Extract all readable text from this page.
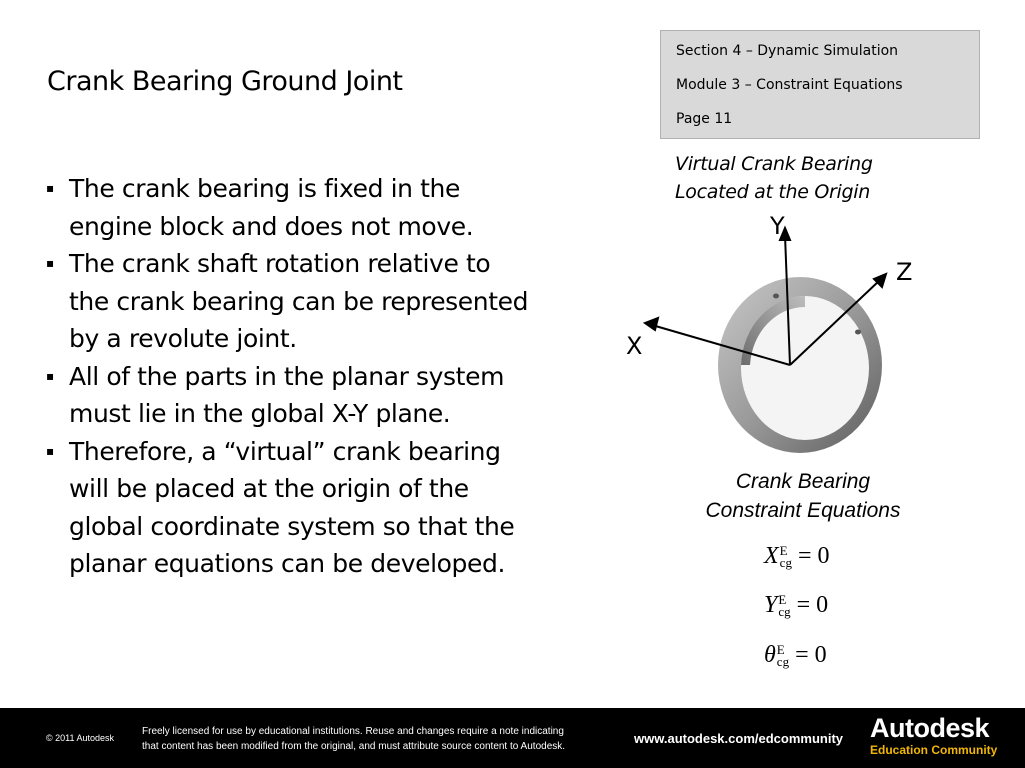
Crank Bearing Ground Joint
Section 4 – Dynamic Simulation
Module 3 – Constraint Equations
Page 11
▪ The crank bearing is fixed in the
engine block and does not move.
▪ The crank shaft rotation relative to
the crank bearing can be represented
by a revolute joint.
▪ All of the parts in the planar system
must lie in the global X-Y plane.
▪ Therefore, a “virtual” crank bearing
will be placed at the origin of the
global coordinate system so that the
planar equations can be developed.
Virtual Crank Bearing
Located at the Origin
Y
Z
X
Crank Bearing
Constraint Equations
X E
cg = 0
Y E
cg = 0
θ E
cg = 0
© 2011 Autodesk
Freely licensed for use by educational institutions. Reuse and changes require a note indicating
that content has been modified from the original, and must attribute source content to Autodesk.
www.autodesk.com/edcommunity Autodesk
Education Community
